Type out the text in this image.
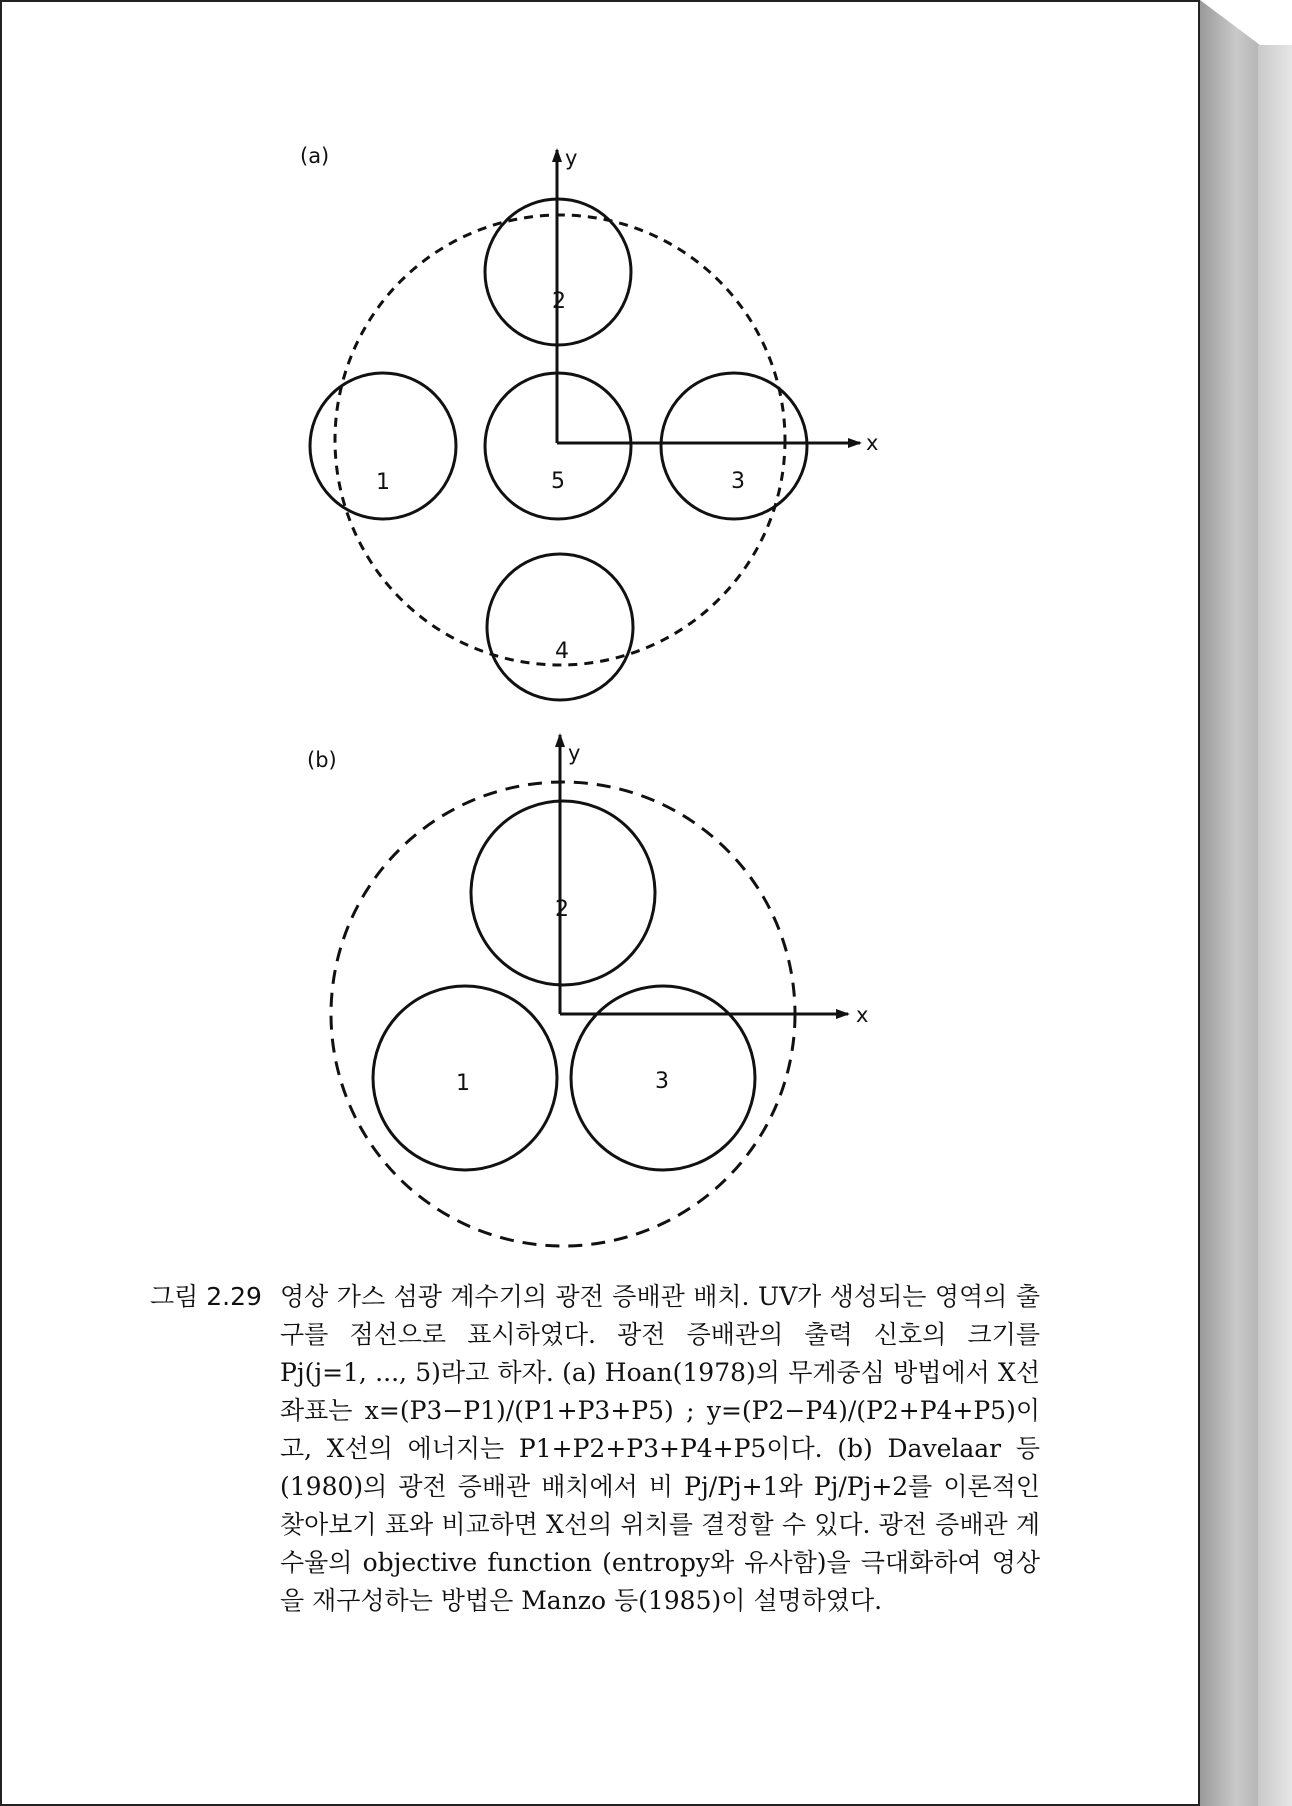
(a)	y
x
2
1	5	3
4
(b)	y
x
2
1	3
그림 2.29 영상 가스 섬광 계수기의 광전 증배관 배치. UV가 생성되는 영역의 출구를 점선으로 표시하였다. 광전 증배관의 출력 신호의 크기를 Pj(j=1, ..., 5)라고 하자. (a) Hoan(1978)의 무게중심 방법에서 X선 좌표는 x=(P3−P1)/(P1+P3+P5) ; y=(P2−P4)/(P2+P4+P5)이고, X선의 에너지는 P1+P2+P3+P4+P5이다. (b) Davelaar 등(1980)의 광전 증배관 배치에서 비 Pj/Pj+1와 Pj/Pj+2를 이론적인 찾아보기 표와 비교하면 X선의 위치를 결정할 수 있다. 광전 증배관 계수율의 objective function (entropy와 유사함)을 극대화하여 영상을 재구성하는 방법은 Manzo 등(1985)이 설명하였다.
